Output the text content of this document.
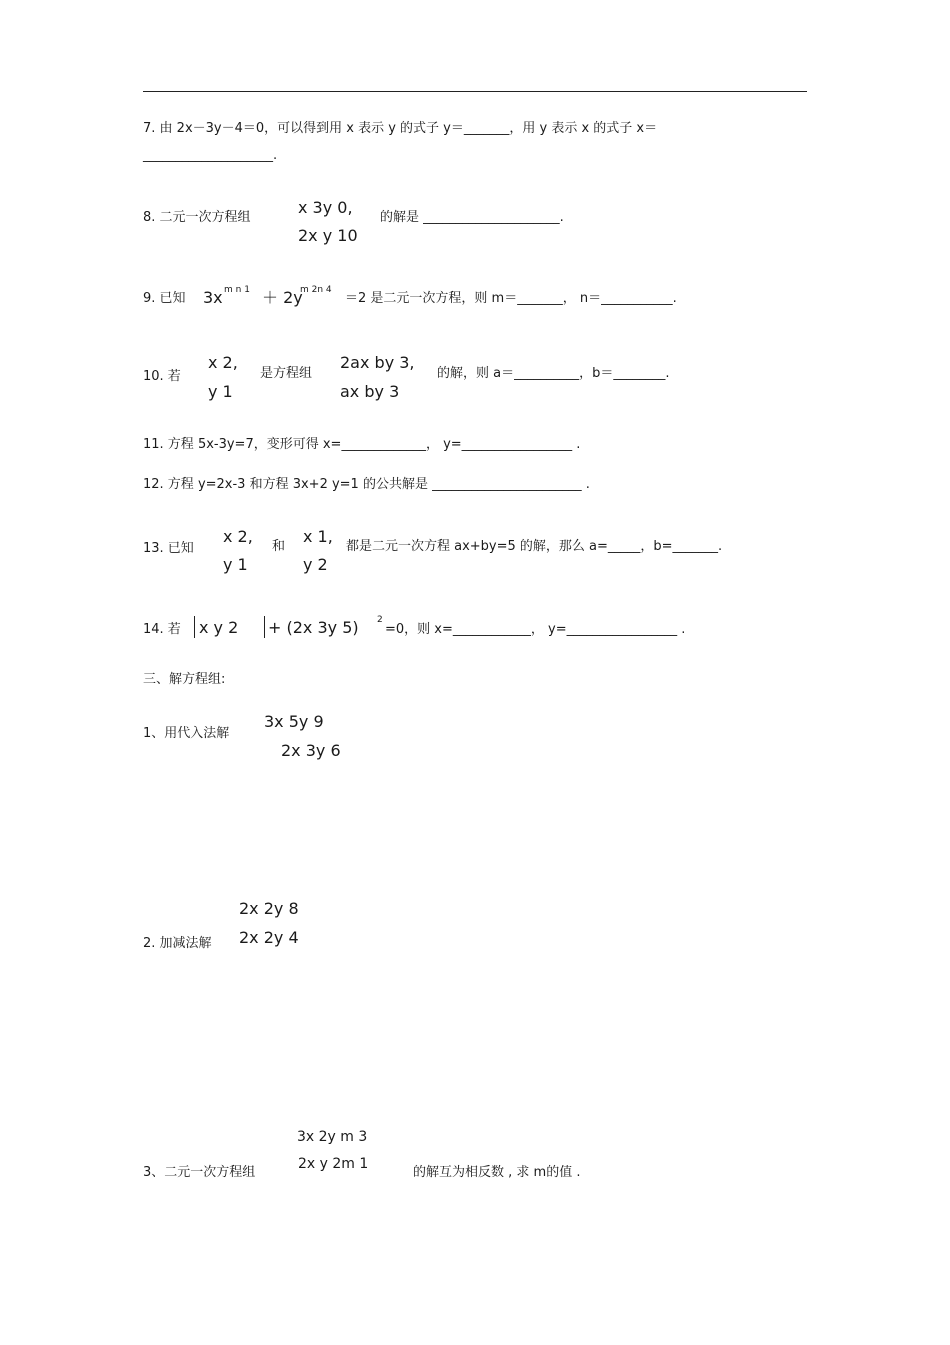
7. 由 2x－3y－4＝0，可以得到用 x 表示 y 的式子 y＝_______，用 y 表示 x 的式子 x＝
____________________.
8. 二元一次方程组
x 3y 0,
2x y 10
的解是 _____________________.
9. 已知 3x m n 1 ＋ 2y
m 2n 4
＝2 是二元一次方程，则 m＝_______， n＝___________.
10. 若
x 2,
y 1
是方程组
2ax by 3,
ax by 3
的解，则 a＝__________，b＝________.
11. 方程 5x-3y=7，变形可得 x=_____________， y=_________________ .
12. 方程 y=2x-3 和方程 3x+2 y=1 的公共解是 _______________________ .
13. 已知
x 2,
y 1
和
x 1,
y 2
都是二元一次方程 ax+by=5 的解，那么 a=_____，b=_______.
14. 若 x y 2 + (2x 3y 5) 2
=0，则 x=____________， y=_________________ .
三、解方程组:
1、用代入法解
3x 5y 9
2x 3y 6
2x 2y 8
2x 2y 4
2. 加减法解
3x 2y m 3
2x y 2m 1
3、二元一次方程组	的解互为相反数 , 求 m的值 .
